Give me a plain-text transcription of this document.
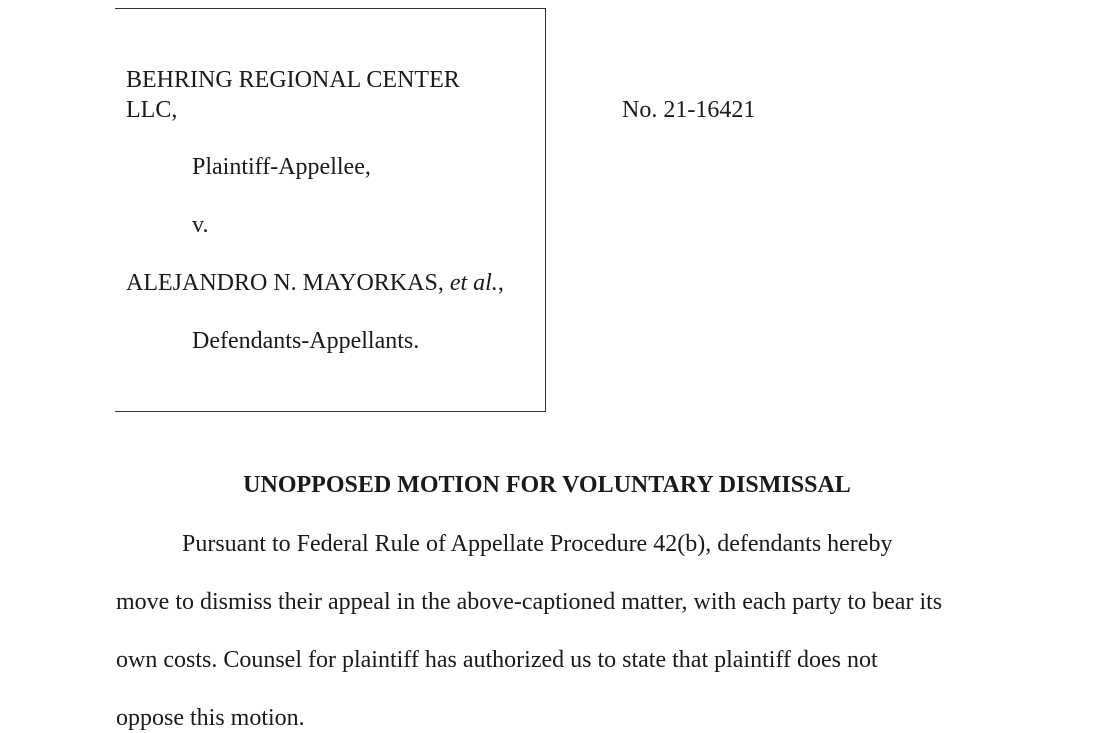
BEHRING REGIONAL CENTER
LLC,
Plaintiff-Appellee,
v.
ALEJANDRO N. MAYORKAS, et al.,
Defendants-Appellants.
No. 21-16421
UNOPPOSED MOTION FOR VOLUNTARY DISMISSAL
Pursuant to Federal Rule of Appellate Procedure 42(b), defendants hereby
move to dismiss their appeal in the above-captioned matter, with each party to bear its
own costs. Counsel for plaintiff has authorized us to state that plaintiff does not
oppose this motion.
